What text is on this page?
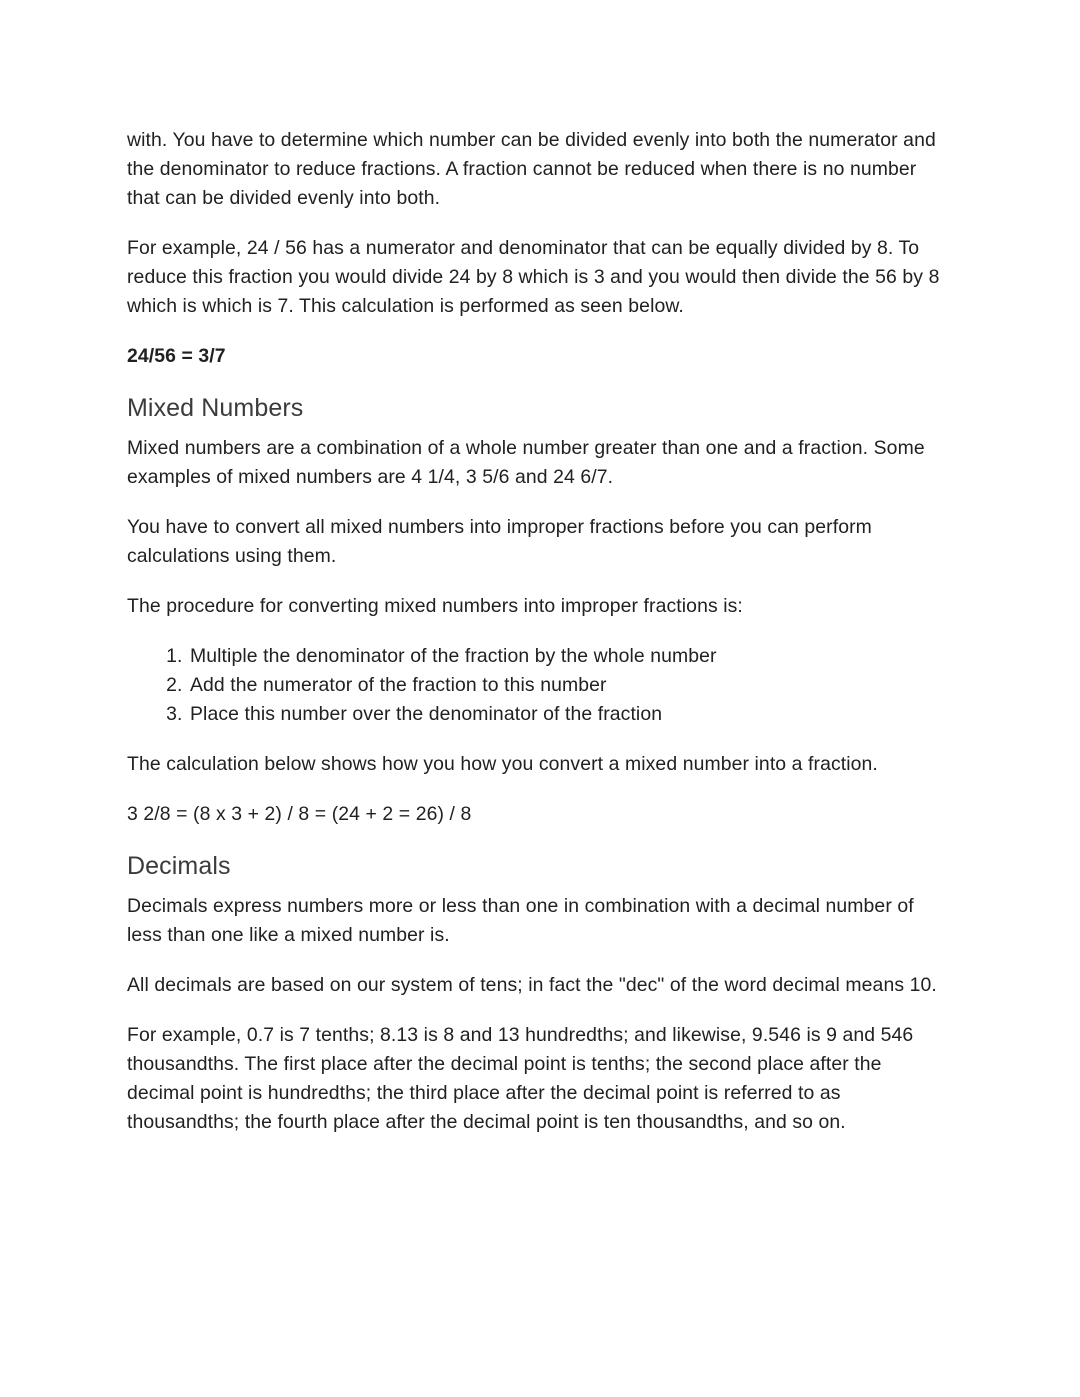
with. You have to determine which number can be divided evenly into both the numerator and the denominator to reduce fractions. A fraction cannot be reduced when there is no number that can be divided evenly into both.

For example, 24 / 56 has a numerator and denominator that can be equally divided by 8. To reduce this fraction you would divide 24 by 8 which is 3 and you would then divide the 56 by 8 which is which is 7. This calculation is performed as seen below.

24/56 = 3/7

Mixed Numbers

Mixed numbers are a combination of a whole number greater than one and a fraction. Some examples of mixed numbers are 4 1/4, 3 5/6 and 24 6/7.

You have to convert all mixed numbers into improper fractions before you can perform calculations using them.

The procedure for converting mixed numbers into improper fractions is:

1. Multiple the denominator of the fraction by the whole number
2. Add the numerator of the fraction to this number
3. Place this number over the denominator of the fraction

The calculation below shows how you how you convert a mixed number into a fraction.

3 2/8 = (8 x 3 + 2) / 8 = (24 + 2 = 26) / 8

Decimals

Decimals express numbers more or less than one in combination with a decimal number of less than one like a mixed number is.

All decimals are based on our system of tens; in fact the "dec" of the word decimal means 10.

For example, 0.7 is 7 tenths; 8.13 is 8 and 13 hundredths; and likewise, 9.546 is 9 and 546 thousandths. The first place after the decimal point is tenths; the second place after the decimal point is hundredths; the third place after the decimal point is referred to as thousandths; the fourth place after the decimal point is ten thousandths, and so on.
